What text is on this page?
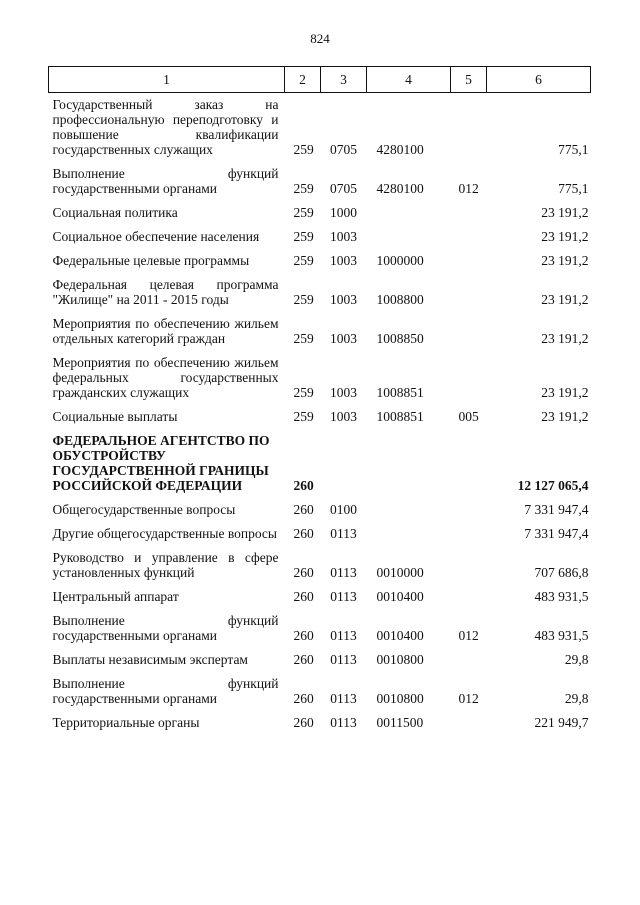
824
1	2	3	4	5	6
Государственный заказ на профессиональную переподготовку и повышение квалификации государственных служащих	259	0705	4280100		775,1
Выполнение функций государственными органами	259	0705	4280100	012	775,1
Социальная политика	259	1000			23 191,2
Социальное обеспечение населения	259	1003			23 191,2
Федеральные целевые программы	259	1003	1000000		23 191,2
Федеральная целевая программа "Жилище" на 2011 - 2015 годы	259	1003	1008800		23 191,2
Мероприятия по обеспечению жильем отдельных категорий граждан	259	1003	1008850		23 191,2
Мероприятия по обеспечению жильем федеральных государственных гражданских служащих	259	1003	1008851		23 191,2
Социальные выплаты	259	1003	1008851	005	23 191,2
ФЕДЕРАЛЬНОЕ АГЕНТСТВО ПО ОБУСТРОЙСТВУ ГОСУДАРСТВЕННОЙ ГРАНИЦЫ РОССИЙСКОЙ ФЕДЕРАЦИИ	260				12 127 065,4
Общегосударственные вопросы	260	0100			7 331 947,4
Другие общегосударственные вопросы	260	0113			7 331 947,4
Руководство и управление в сфере установленных функций	260	0113	0010000		707 686,8
Центральный аппарат	260	0113	0010400		483 931,5
Выполнение функций государственными органами	260	0113	0010400	012	483 931,5
Выплаты независимым экспертам	260	0113	0010800		29,8
Выполнение функций государственными органами	260	0113	0010800	012	29,8
Территориальные органы	260	0113	0011500		221 949,7
